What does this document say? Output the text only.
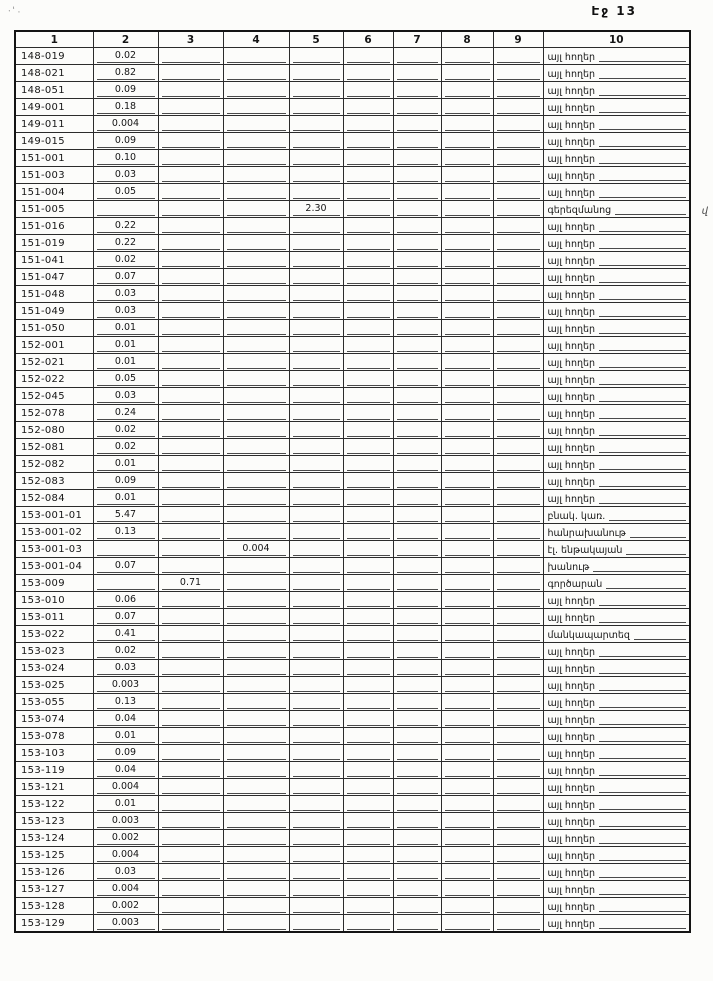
·'.	Էջ 13
վ
1	2	3	4	5	6	7	8	9	10
148-019	0.02								այլ հողեր

148-021	0.82								այլ հողեր

148-051	0.09								այլ հողեր

149-001	0.18								այլ հողեր

149-011	0.004								այլ հողեր

149-015	0.09								այլ հողեր

151-001	0.10								այլ հողեր

151-003	0.03								այլ հողեր

151-004	0.05								այլ հողեր

151-005				2.30					գերեզմանոց

151-016	0.22								այլ հողեր

151-019	0.22								այլ հողեր

151-041	0.02								այլ հողեր

151-047	0.07								այլ հողեր

151-048	0.03								այլ հողեր

151-049	0.03								այլ հողեր

151-050	0.01								այլ հողեր

152-001	0.01								այլ հողեր

152-021	0.01								այլ հողեր

152-022	0.05								այլ հողեր

152-045	0.03								այլ հողեր

152-078	0.24								այլ հողեր

152-080	0.02								այլ հողեր

152-081	0.02								այլ հողեր

152-082	0.01								այլ հողեր

152-083	0.09								այլ հողեր

152-084	0.01								այլ հողեր

153-001-01	5.47								բնակ. կառ.

153-001-02	0.13								հանրախանութ

153-001-03			0.004						էլ. ենթակայան

153-001-04	0.07								խանութ

153-009		0.71							գործարան

153-010	0.06								այլ հողեր

153-011	0.07								այլ հողեր

153-022	0.41								մանկապարտեզ

153-023	0.02								այլ հողեր

153-024	0.03								այլ հողեր

153-025	0.003								այլ հողեր

153-055	0.13								այլ հողեր

153-074	0.04								այլ հողեր

153-078	0.01								այլ հողեր

153-103	0.09								այլ հողեր

153-119	0.04								այլ հողեր

153-121	0.004								այլ հողեր

153-122	0.01								այլ հողեր

153-123	0.003								այլ հողեր

153-124	0.002								այլ հողեր

153-125	0.004								այլ հողեր

153-126	0.03								այլ հողեր

153-127	0.004								այլ հողեր

153-128	0.002								այլ հողեր

153-129	0.003								այլ հողեր
